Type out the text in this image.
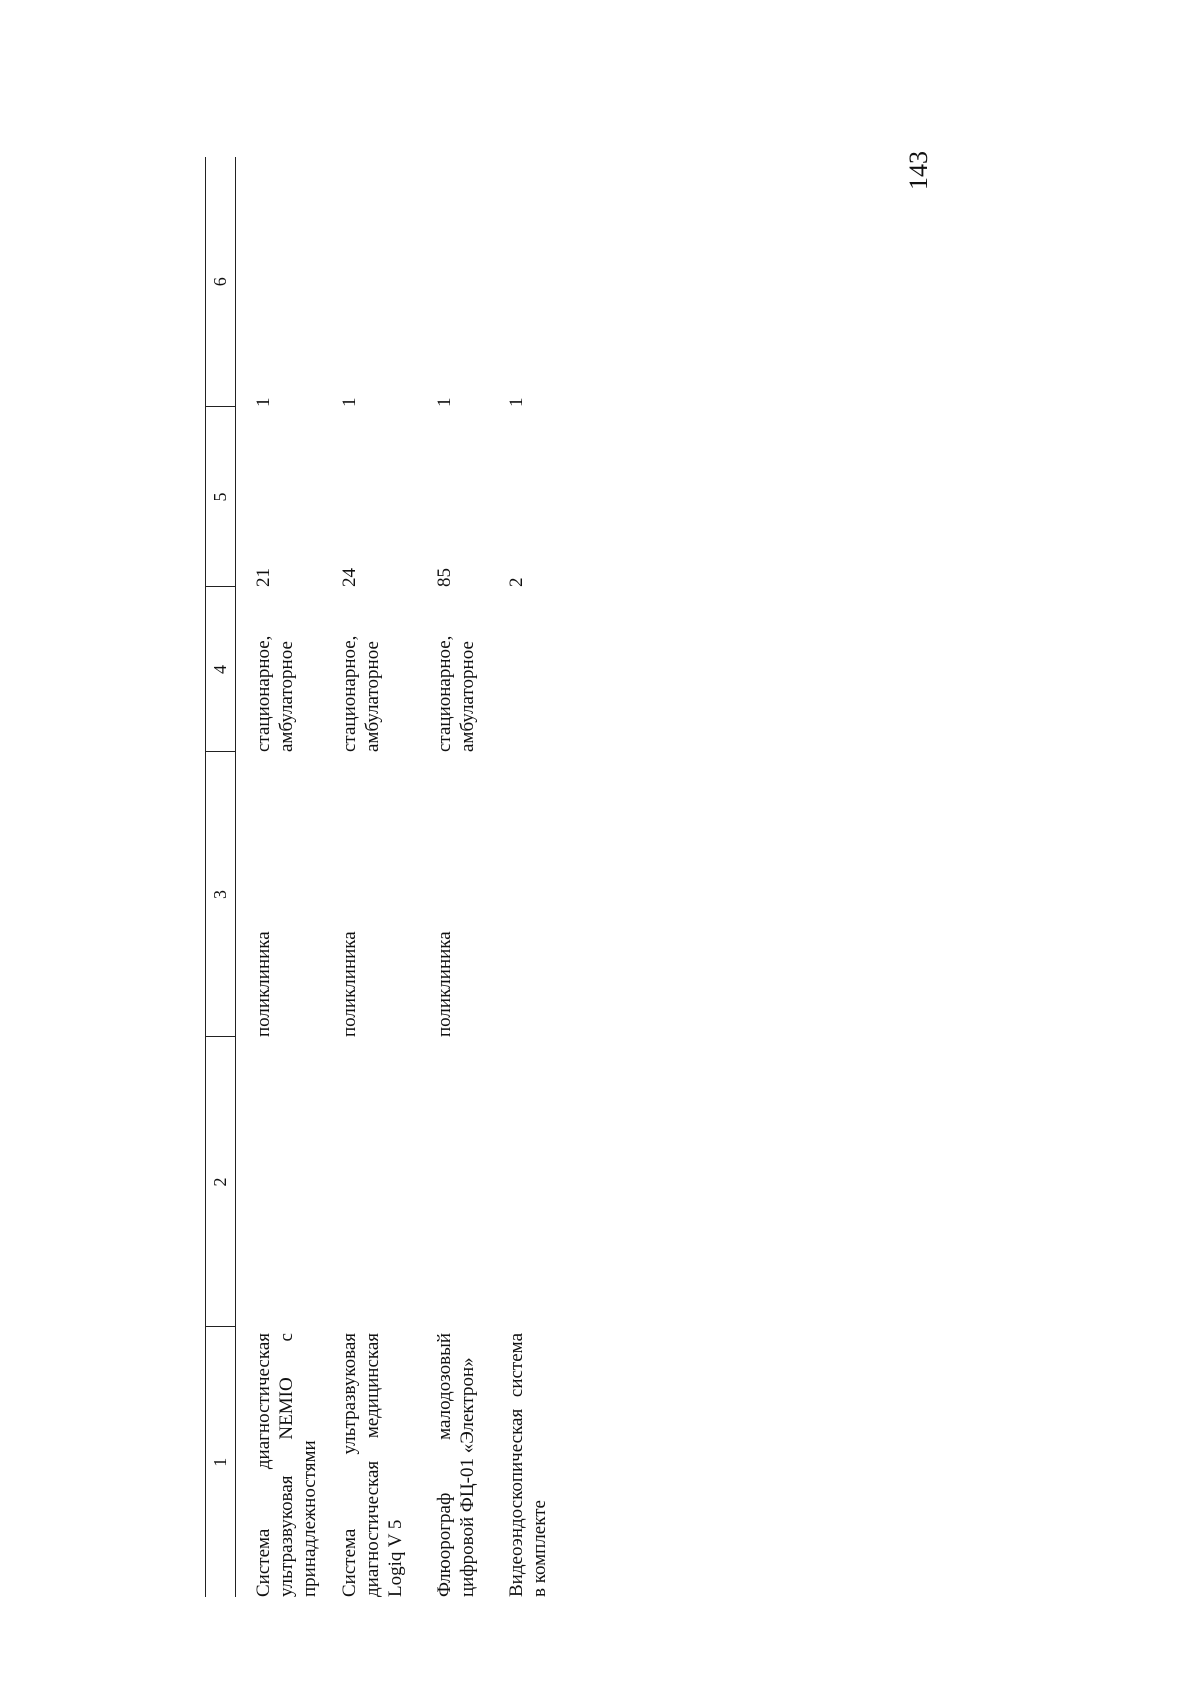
143
1	2	3	4	5	6
Система диагностическая ультразвуковая NEMIO с принадлежностями		поликлиника	стационарное, амбулаторное	21	1
Система ультразвуковая диагностическая медицинская Logiq V 5		поликлиника	стационарное, амбулаторное	24	1
Флюорограф малодозовый цифровой ФЦ-01 «Электрон»		поликлиника	стационарное, амбулаторное	85	1
Видеоэндоскопическая система в комплекте				2	1
